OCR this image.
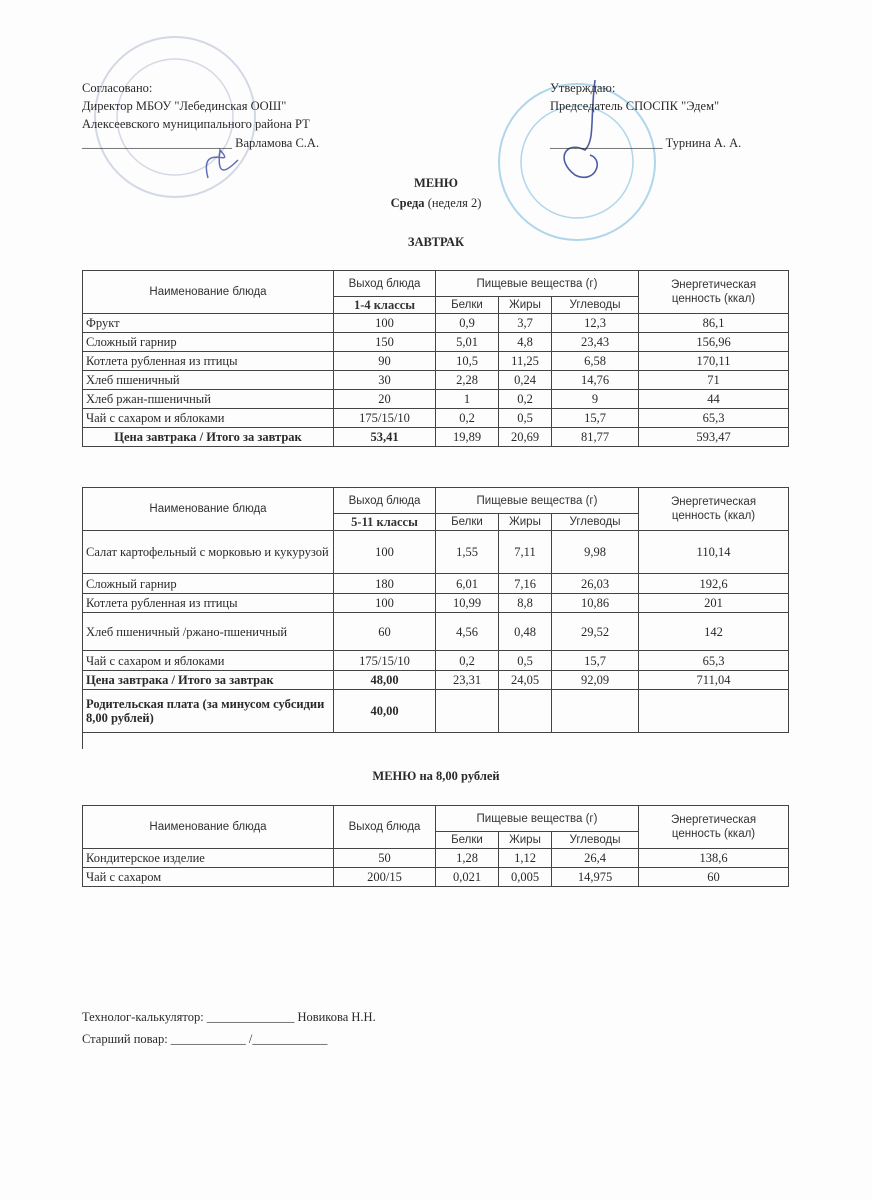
Согласовано:
Директор МБОУ "Лебединская ООШ"
Алексеевского муниципального района РТ
________________________ Варламова С.А.
Утверждаю:
Председатель СПОСПК "Эдем"
__________________ Турнина А. А.
МЕНЮ
Среда (неделя 2)
ЗАВТРАК
Наименование блюда	Выход блюда	Пищевые вещества (г)			Энергетическая
ценность (ккал)
	1-4 классы	Белки	Жиры	Углеводы	
Фрукт	100	0,9	3,7	12,3	86,1
Сложный гарнир	150	5,01	4,8	23,43	156,96
Котлета рубленная из птицы	90	10,5	11,25	6,58	170,11
Хлеб пшеничный	30	2,28	0,24	14,76	71
Хлеб ржан-пшеничный	20	1	0,2	9	44
Чай с сахаром и яблоками	175/15/10	0,2	0,5	15,7	65,3
Цена завтрака / Итого за завтрак	53,41	19,89	20,69	81,77	593,47
Наименование блюда	Выход блюда	Пищевые вещества (г)			Энергетическая
ценность (ккал)
	5-11 классы	Белки	Жиры	Углеводы	
Салат картофельный с морковью и кукурузой	100	1,55	7,11	9,98	110,14
Сложный гарнир	180	6,01	7,16	26,03	192,6
Котлета рубленная из птицы	100	10,99	8,8	10,86	201
Хлеб пшеничный /ржано-пшеничный	60	4,56	0,48	29,52	142
Чай с сахаром и яблоками	175/15/10	0,2	0,5	15,7	65,3
Цена завтрака / Итого за завтрак	48,00	23,31	24,05	92,09	711,04
Родительская плата (за минусом субсидии 8,00 рублей)	40,00				
МЕНЮ на 8,00 рублей
Наименование блюда	Выход блюда	Пищевые вещества (г)			Энергетическая
ценность (ккал)
		Белки	Жиры	Углеводы	
Кондитерское изделие	50	1,28	1,12	26,4	138,6
Чай с сахаром	200/15	0,021	0,005	14,975	60
Технолог-калькулятор: ______________ Новикова Н.Н.
Старший повар: ____________ /____________
